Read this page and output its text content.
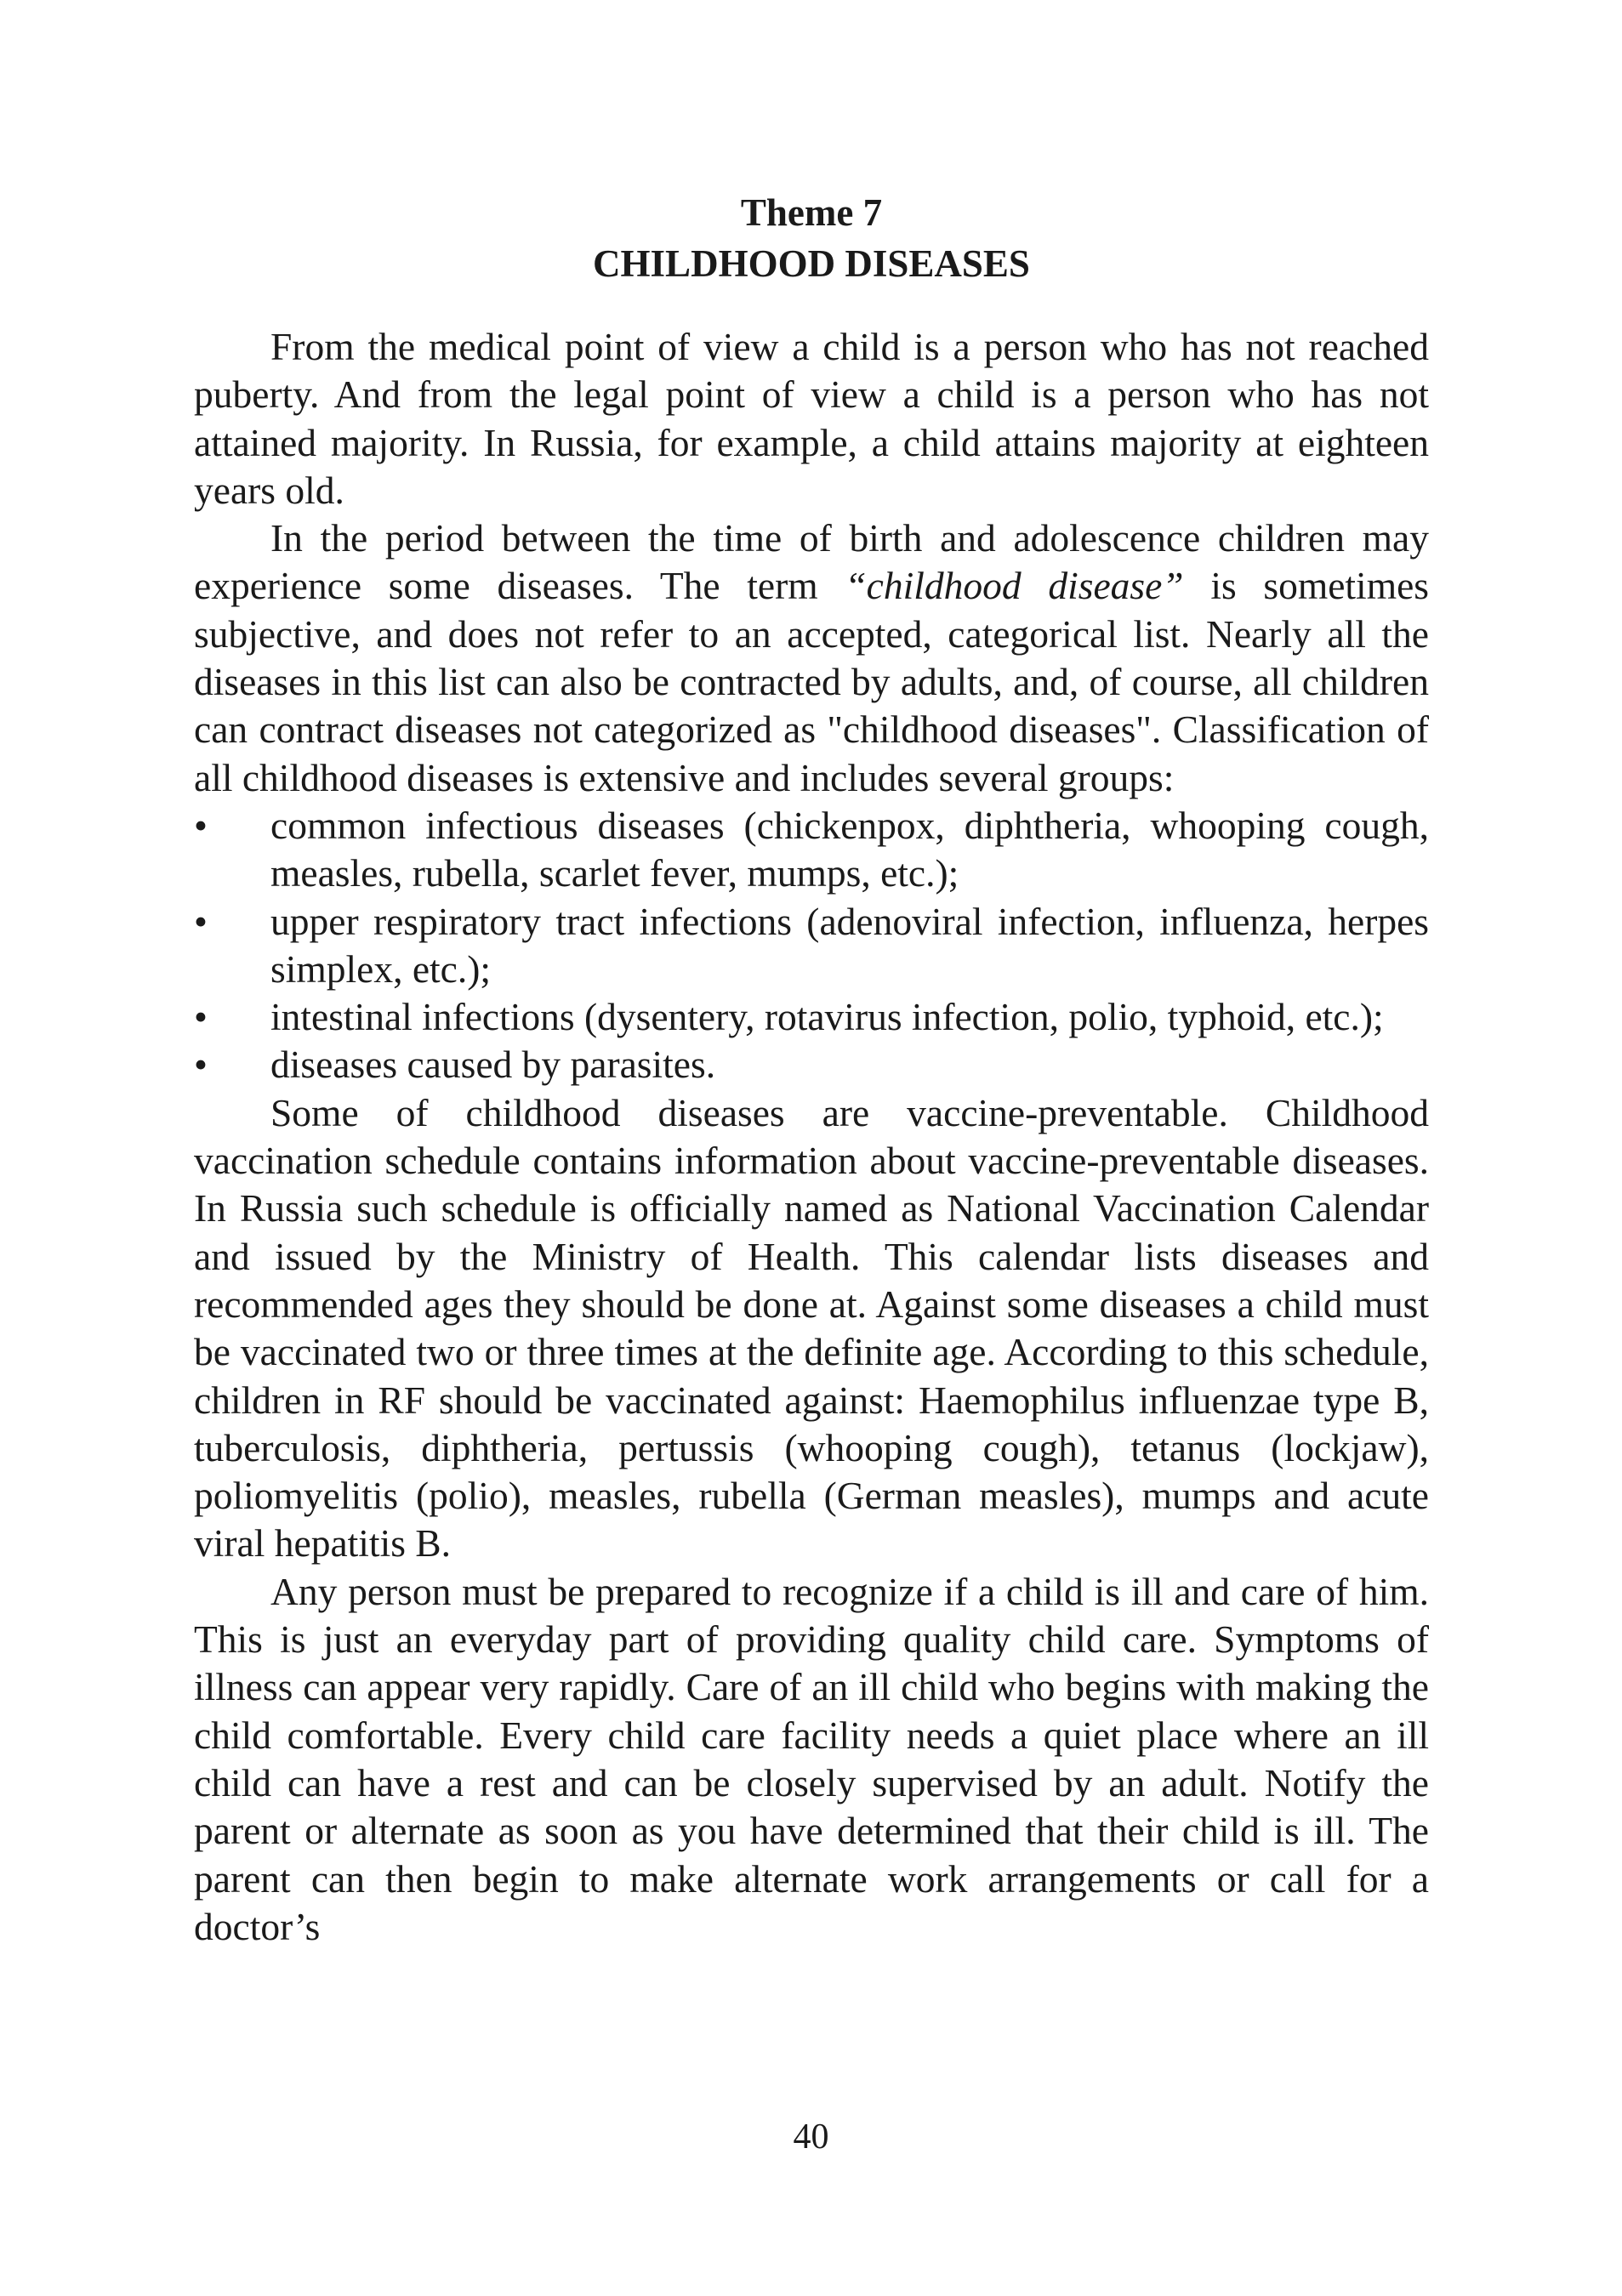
Theme 7

CHILDHOOD DISEASES

From the medical point of view a child is a person who has not reached puberty. And from the legal point of view a child is a person who has not attained majority. In Russia, for example, a child attains majority at eighteen years old.

In the period between the time of birth and adolescence children may experience some diseases. The term “childhood disease” is sometimes subjective, and does not refer to an accepted, categorical list. Nearly all the diseases in this list can also be contracted by adults, and, of course, all children can contract diseases not categorized as "childhood diseases". Classification of all childhood diseases is extensive and includes several groups:

•	common infectious diseases (chickenpox, diphtheria, whooping cough, measles, rubella, scarlet fever, mumps, etc.);
•	upper respiratory tract infections (adenoviral infection, influenza, herpes simplex, etc.);
•	intestinal infections (dysentery, rotavirus infection, polio, typhoid, etc.);
•	diseases caused by parasites.

Some of childhood diseases are vaccine-preventable. Childhood vaccination schedule contains information about vaccine-preventable diseases. In Russia such schedule is officially named as National Vaccination Calendar and issued by the Ministry of Health. This calendar lists diseases and recommended ages they should be done at. Against some diseases a child must be vaccinated two or three times at the definite age. According to this schedule, children in RF should be vaccinated against: Haemophilus influenzae type B, tuberculosis, diphtheria, pertussis (whooping cough), tetanus (lockjaw), poliomyelitis (polio), measles, rubella (German measles), mumps and acute viral hepatitis B.

Any person must be prepared to recognize if a child is ill and care of him. This is just an everyday part of providing quality child care. Symptoms of illness can appear very rapidly. Care of an ill child who begins with making the child comfortable. Every child care facility needs a quiet place where an ill child can have a rest and can be closely supervised by an adult. Notify the parent or alternate as soon as you have determined that their child is ill. The parent can then begin to make alternate work arrangements or call for a doctor’s

40
